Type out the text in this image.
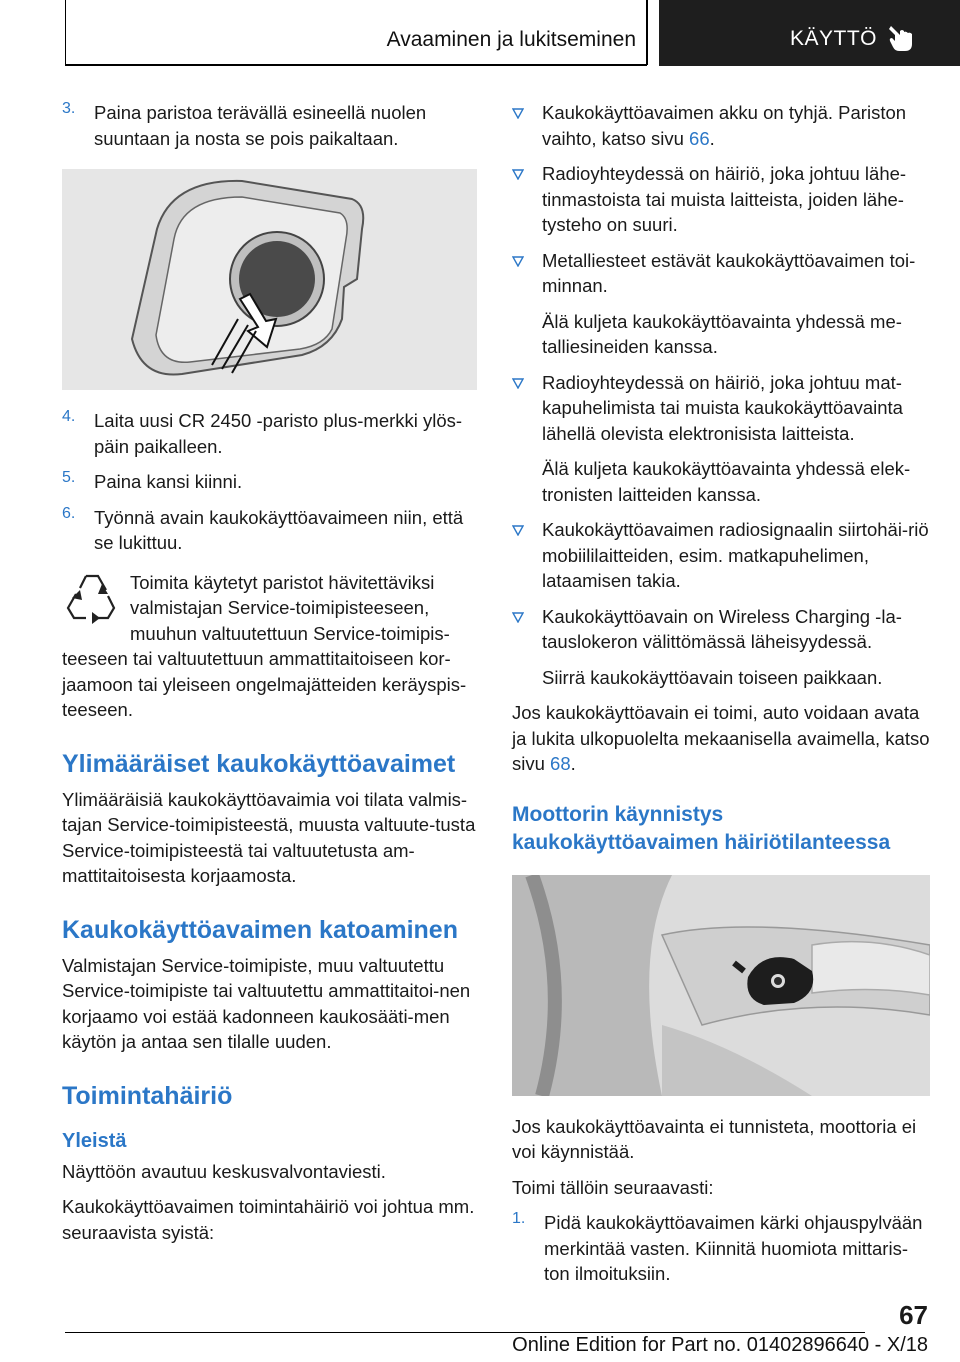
Avaaminen ja lukitseminen	KÄYTTÖ
3. Paina paristoa terävällä esineellä nuolen suuntaan ja nosta se pois paikaltaan.

4. Laita uusi CR 2450 -paristo plus-merkki ylös-päin paikalleen.

5. Paina kansi kiinni.

6. Työnnä avain kaukokäyttöavaimeen niin, että se lukittuu.

Toimita käytetyt paristot hävitettäviksi valmistajan Service-toimipisteeseen, muuhun valtuutettuun Service-toimipis-

teeseen tai valtuutettuun ammattitaitoiseen kor-jaamoon tai yleiseen ongelmajätteiden keräyspis-teeseen.

Ylimääräiset kaukokäyttöavaimet

Ylimääräisiä kaukokäyttöavaimia voi tilata valmis-tajan Service-toimipisteestä, muusta valtuute-tusta Service-toimipisteestä tai valtuutetusta am-mattitaitoisesta korjaamosta.

Kaukokäyttöavaimen katoaminen

Valmistajan Service-toimipiste, muu valtuutettu Service-toimipiste tai valtuutettu ammattitaitoi-nen korjaamo voi estää kadonneen kaukosääti-men käytön ja antaa sen tilalle uuden.

Toimintahäiriö
Yleistä

Näyttöön avautuu keskusvalvontaviesti.

Kaukokäyttöavaimen toimintahäiriö voi johtua mm. seuraavista syistä:

Kaukokäyttöavaimen akku on tyhjä. Pariston vaihto, katso sivu 66.

Radioyhteydessä on häiriö, joka johtuu lähe-tinmastoista tai muista laitteista, joiden lähe-tysteho on suuri.

Metalliesteet estävät kaukokäyttöavaimen toi-minnan.

Älä kuljeta kaukokäyttöavainta yhdessä me-talliesineiden kanssa.

Radioyhteydessä on häiriö, joka johtuu mat-kapuhelimista tai muista kaukokäyttöavainta lähellä olevista elektronisista laitteista.

Älä kuljeta kaukokäyttöavainta yhdessä elek-tronisten laitteiden kanssa.

Kaukokäyttöavaimen radiosignaalin siirtohäi-riö mobiililaitteiden, esim. matkapuhelimen, lataamisen takia.

Kaukokäyttöavain on Wireless Charging -la-tauslokeron välittömässä läheisyydessä.

Siirrä kaukokäyttöavain toiseen paikkaan.

Jos kaukokäyttöavain ei toimi, auto voidaan avata ja lukita ulkopuolelta mekaanisella avaimella, katso sivu 68.

Moottorin käynnistys kaukokäyttöavaimen häiriötilanteessa

Jos kaukokäyttöavainta ei tunnisteta, moottoria ei voi käynnistää.

Toimi tällöin seuraavasti:

1. Pidä kaukokäyttöavaimen kärki ohjauspylvään merkintää vasten. Kiinnitä huomiota mittaris-ton ilmoituksiin.

67
Online Edition for Part no. 01402896640 - X/18
